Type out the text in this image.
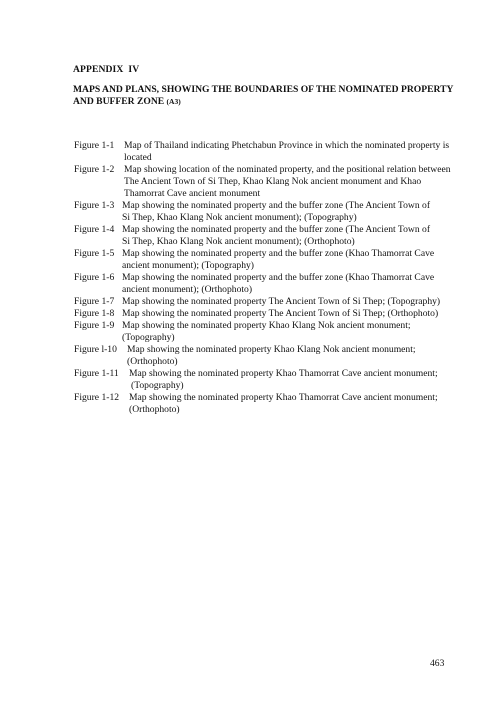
APPENDIX  IV
MAPS AND PLANS, SHOWING THE BOUNDARIES OF THE NOMINATED PROPERTY
AND BUFFER ZONE (A3)
Figure 1-1 Map of Thailand indicating Phetchabun Province in which the nominated property is
located
Figure 1-2 Map showing location of the nominated property, and the positional relation between
The Ancient Town of Si Thep, Khao Klang Nok ancient monument and Khao
Thamorrat Cave ancient monument
Figure 1-3 Map showing the nominated property and the buffer zone (The Ancient Town of
Si Thep, Khao Klang Nok ancient monument); (Topography)
Figure 1-4 Map showing the nominated property and the buffer zone (The Ancient Town of
Si Thep, Khao Klang Nok ancient monument); (Orthophoto)
Figure 1-5 Map showing the nominated property and the buffer zone (Khao Thamorrat Cave
ancient monument); (Topography)
Figure 1-6 Map showing the nominated property and the buffer zone (Khao Thamorrat Cave
ancient monument); (Orthophoto)
Figure 1-7 Map showing the nominated property The Ancient Town of Si Thep; (Topography)
Figure 1-8 Map showing the nominated property The Ancient Town of Si Thep; (Orthophoto)
Figure 1-9 Map showing the nominated property Khao Klang Nok ancient monument;
(Topography)
Figure l-10 Map showing the nominated property Khao Klang Nok ancient monument;
(Orthophoto)
Figure 1-11 Map showing the nominated property Khao Thamorrat Cave ancient monument;
(Topography)
Figure 1-12 Map showing the nominated property Khao Thamorrat Cave ancient monument;
(Orthophoto)
463
